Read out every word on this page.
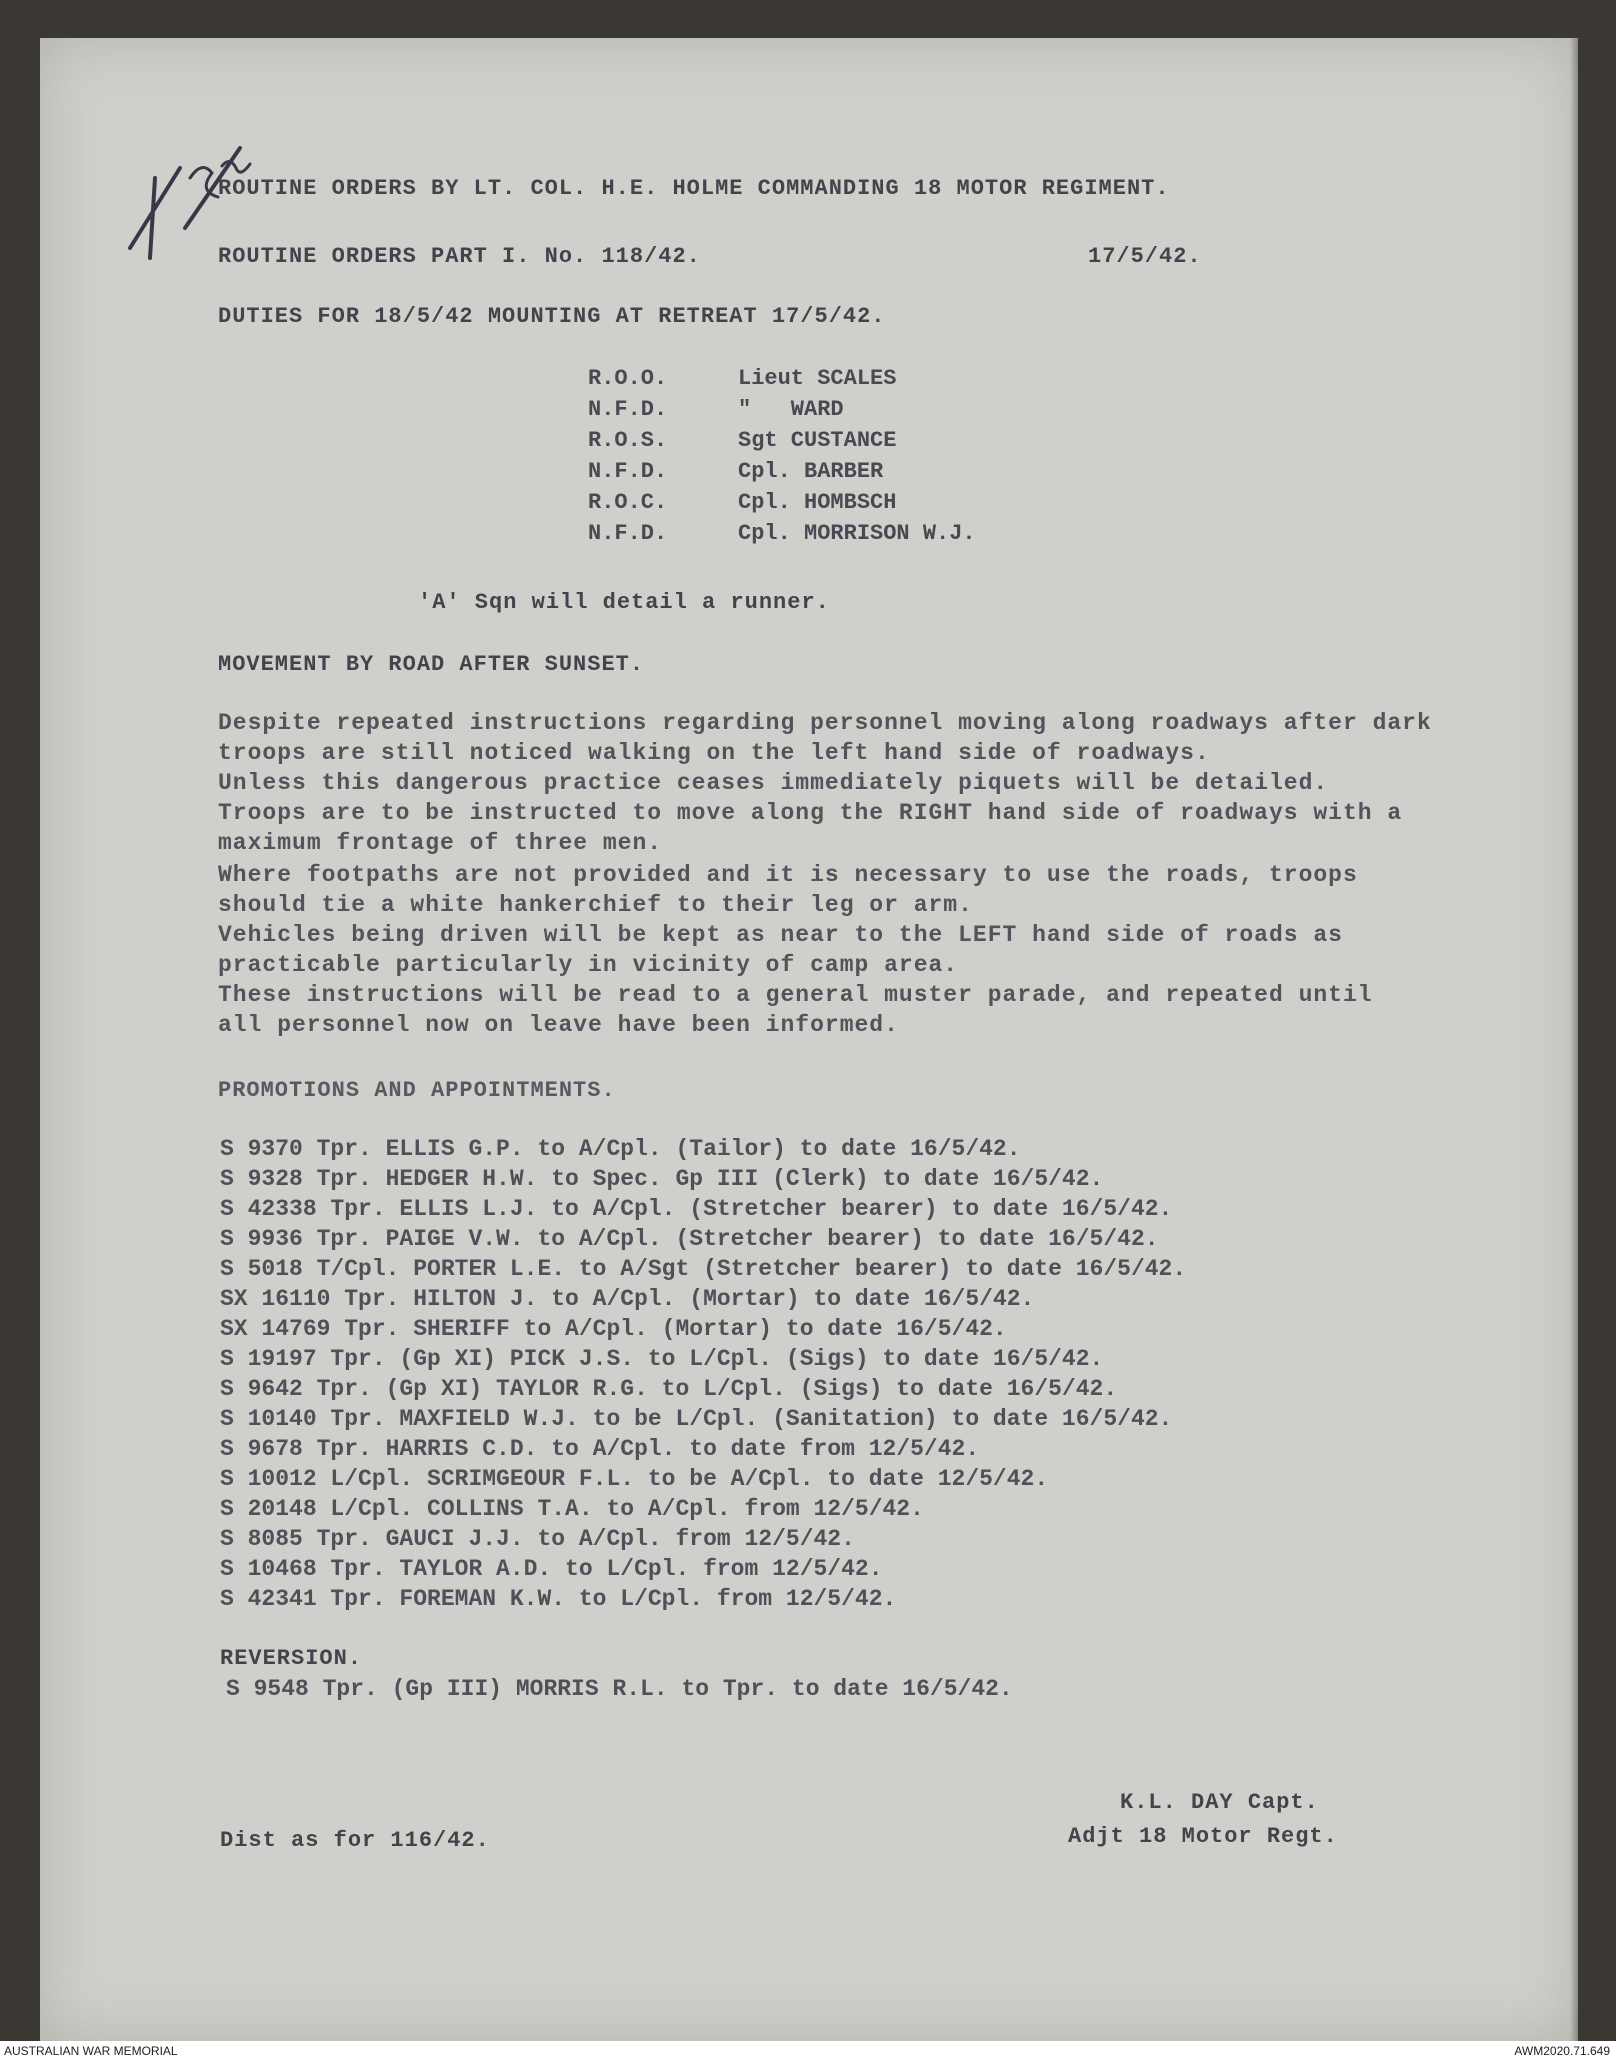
ROUTINE ORDERS BY LT. COL. H.E. HOLME COMMANDING 18 MOTOR REGIMENT.
ROUTINE ORDERS PART I. No. 118/42.	17/5/42.
DUTIES FOR 18/5/42 MOUNTING AT RETREAT 17/5/42.
R.O.O.	Lieut SCALES
N.F.D.	"   WARD
R.O.S.	Sgt CUSTANCE
N.F.D.	Cpl. BARBER
R.O.C.	Cpl. HOMBSCH
N.F.D.	Cpl. MORRISON W.J.
'A' Sqn will detail a runner.
MOVEMENT BY ROAD AFTER SUNSET.
Despite repeated instructions regarding personnel moving along roadways after dark
troops are still noticed walking on the left hand side of roadways.
Unless this dangerous practice ceases immediately piquets will be detailed.
Troops are to be instructed to move along the RIGHT hand side of roadways with a
maximum frontage of three men.
Where footpaths are not provided and it is necessary to use the roads, troops
should tie a white hankerchief to their leg or arm.
Vehicles being driven will be kept as near to the LEFT hand side of roads as
practicable particularly in vicinity of camp area.
These instructions will be read to a general muster parade, and repeated until
all personnel now on leave have been informed.
PROMOTIONS AND APPOINTMENTS.
S 9370 Tpr. ELLIS G.P. to A/Cpl. (Tailor) to date 16/5/42.
S 9328 Tpr. HEDGER H.W. to Spec. Gp III (Clerk) to date 16/5/42.
S 42338 Tpr. ELLIS L.J. to A/Cpl. (Stretcher bearer) to date 16/5/42.
S 9936 Tpr. PAIGE V.W. to A/Cpl. (Stretcher bearer) to date 16/5/42.
S 5018 T/Cpl. PORTER L.E. to A/Sgt (Stretcher bearer) to date 16/5/42.
SX 16110 Tpr. HILTON J. to A/Cpl. (Mortar) to date 16/5/42.
SX 14769 Tpr. SHERIFF to A/Cpl. (Mortar) to date 16/5/42.
S 19197 Tpr. (Gp XI) PICK J.S. to L/Cpl. (Sigs) to date 16/5/42.
S 9642 Tpr. (Gp XI) TAYLOR R.G. to L/Cpl. (Sigs) to date 16/5/42.
S 10140 Tpr. MAXFIELD W.J. to be L/Cpl. (Sanitation) to date 16/5/42.
S 9678 Tpr. HARRIS C.D. to A/Cpl. to date from 12/5/42.
S 10012 L/Cpl. SCRIMGEOUR F.L. to be A/Cpl. to date 12/5/42.
S 20148 L/Cpl. COLLINS T.A. to A/Cpl. from 12/5/42.
S 8085 Tpr. GAUCI J.J. to A/Cpl. from 12/5/42.
S 10468 Tpr. TAYLOR A.D. to L/Cpl. from 12/5/42.
S 42341 Tpr. FOREMAN K.W. to L/Cpl. from 12/5/42.
REVERSION.
S 9548 Tpr. (Gp III) MORRIS R.L. to Tpr. to date 16/5/42.
K.L. DAY Capt.
Adjt 18 Motor Regt.
Dist as for 116/42.
AUSTRALIAN WAR MEMORIAL	AWM2020.71.649
